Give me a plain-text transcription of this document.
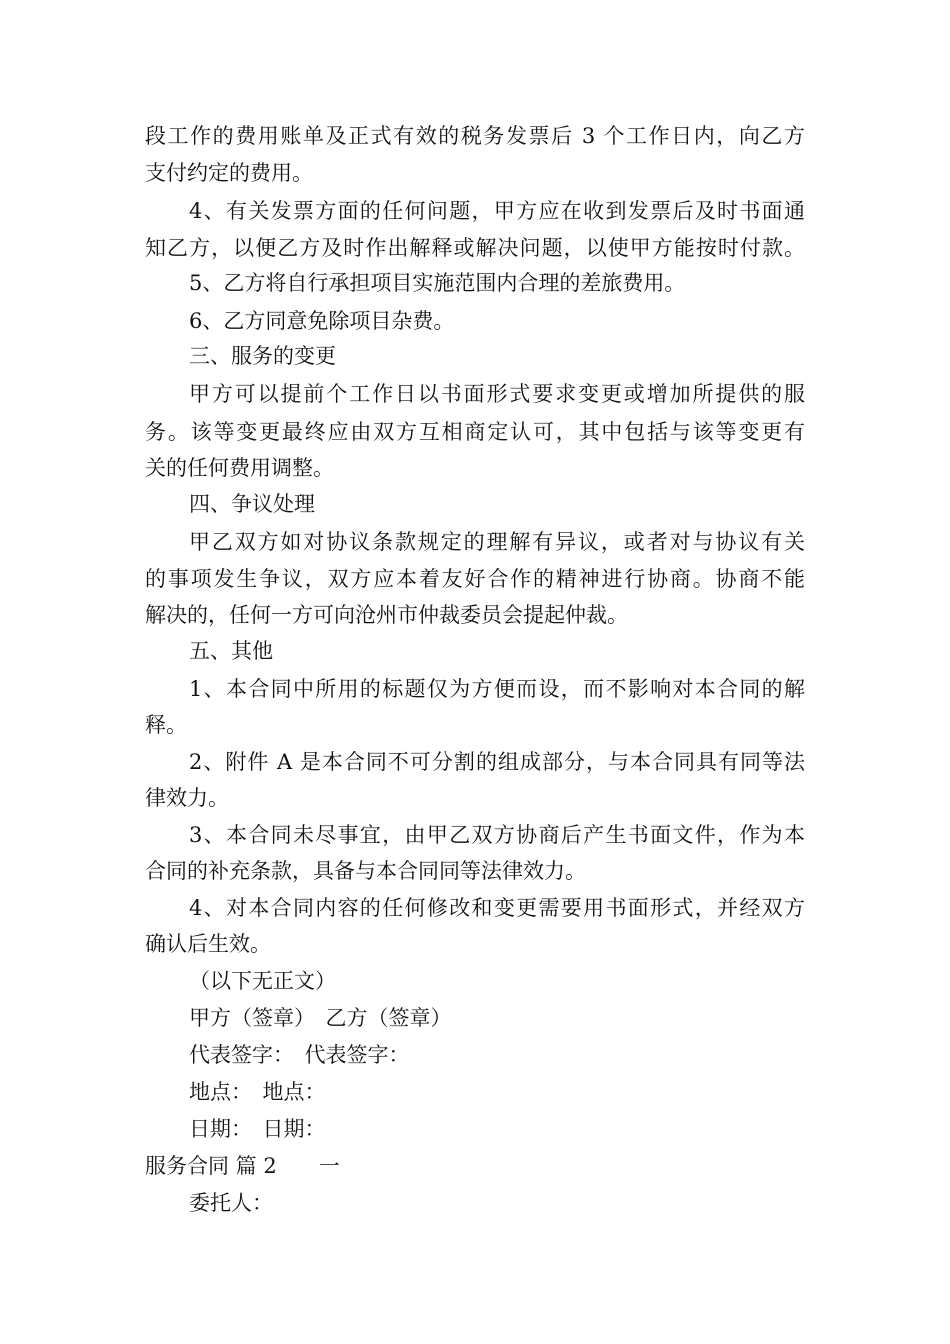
段工作的费用账单及正式有效的税务发票后 3 个工作日内，向乙方
支付约定的费用。
4、有关发票方面的任何问题，甲方应在收到发票后及时书面通
知乙方，以便乙方及时作出解释或解决问题，以使甲方能按时付款。
5、乙方将自行承担项目实施范围内合理的差旅费用。
6、乙方同意免除项目杂费。
三、服务的变更
甲方可以提前个工作日以书面形式要求变更或增加所提供的服
务。该等变更最终应由双方互相商定认可，其中包括与该等变更有
关的任何费用调整。
四、争议处理
甲乙双方如对协议条款规定的理解有异议，或者对与协议有关
的事项发生争议，双方应本着友好合作的精神进行协商。协商不能
解决的，任何一方可向沧州市仲裁委员会提起仲裁。
五、其他
1、本合同中所用的标题仅为方便而设，而不影响对本合同的解
释。
2、附件 A 是本合同不可分割的组成部分，与本合同具有同等法
律效力。
3、本合同未尽事宜，由甲乙双方协商后产生书面文件，作为本
合同的补充条款，具备与本合同同等法律效力。
4、对本合同内容的任何修改和变更需要用书面形式，并经双方
确认后生效。
（以下无正文）
甲方（签章）　乙方（签章）
代表签字：　代表签字：
地点：　地点：
日期：　日期：
服务合同 篇 2　　一
委托人：
